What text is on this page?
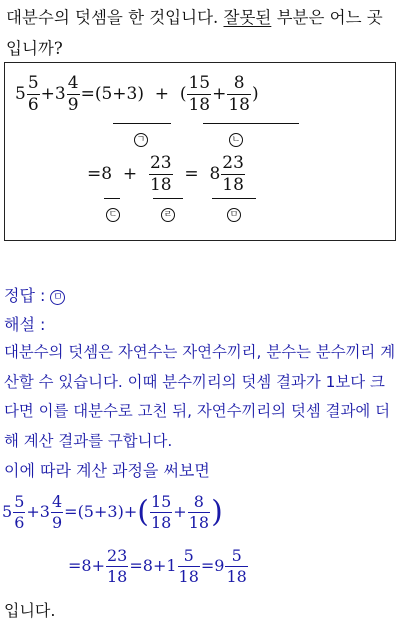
대분수의 덧셈을 한 것입니다. 잘못된 부분은 어느 곳입니까?
$5 \frac{5}{6} +3 \frac{4}{9} =(5+3)$ + ( $\frac{15}{18} + \frac{8}{18}$ )
ㄱ	ㄴ
$=8 + \frac{23}{18} = 8 \frac{23}{18}$
ㄷ	ㄹ	ㅁ
정답 : ㅁ
해설 :
대분수의 덧셈은 자연수는 자연수끼리, 분수는 분수끼리 계산할 수 있습니다. 이때 분수끼리의 덧셈 결과가 1보다 크다면 이를 대분수로 고친 뒤, 자연수끼리의 덧셈 결과에 더해 계산 결과를 구합니다.
이에 따라 계산 과정을 써보면
$5 \frac{5}{6} +3 \frac{4}{9} =(5+3)+( \frac{15}{18} + \frac{8}{18}$ )
$=8+ \frac{23}{18} =8+1 \frac{5}{18} =9 \frac{5}{18}$
입니다.
